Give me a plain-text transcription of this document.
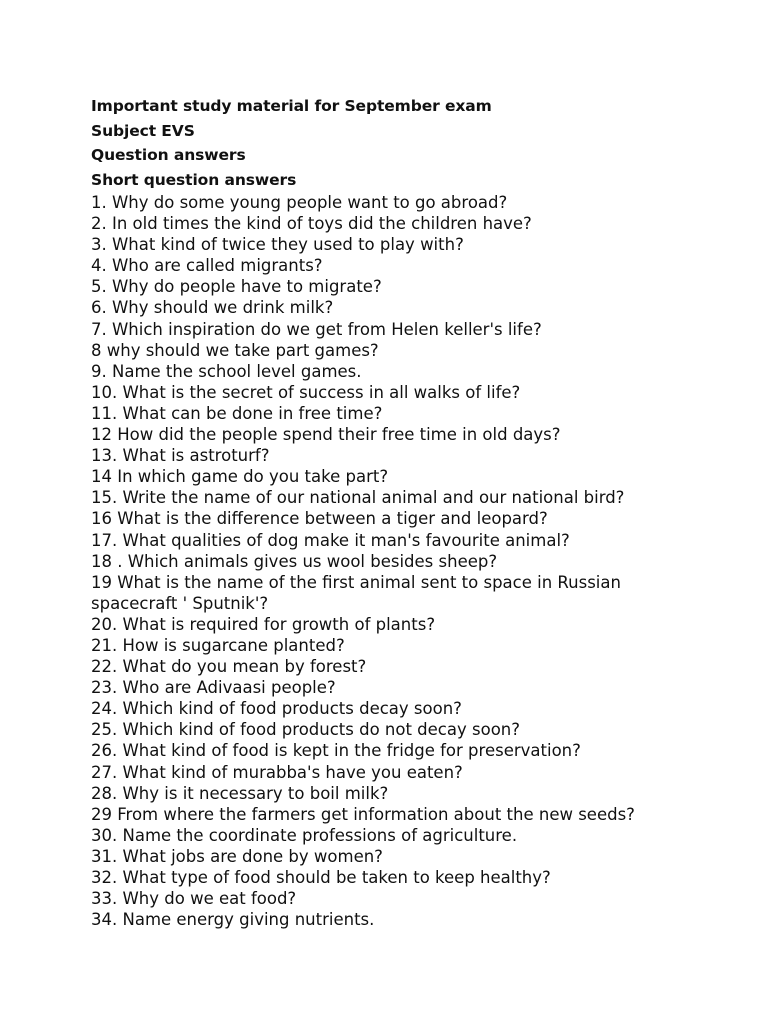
Important study material for September exam
Subject EVS
Question answers
Short question answers
1. Why do some young people want to go abroad?
2. In old times the kind of toys did the children have?
3. What kind of twice they used to play with?
4. Who are called migrants?
5. Why do people have to migrate?
6. Why should we drink milk?
7. Which inspiration do we get from Helen keller's life?
8 why should we take part games?
9. Name the school level games.
10. What is the secret of success in all walks of life?
11. What can be done in free time?
12 How did the people spend their free time in old days?
13. What is astroturf?
14 In which game do you take part?
15. Write the name of our national animal and our national bird?
16 What is the difference between a tiger and leopard?
17. What qualities of dog make it man's favourite animal?
18 . Which animals gives us wool besides sheep?
19 What is the name of the first animal sent to space in Russian spacecraft ' Sputnik'?
20. What is required for growth of plants?
21. How is sugarcane planted?
22. What do you mean by forest?
23. Who are Adivaasi people?
24. Which kind of food products decay soon?
25. Which kind of food products do not decay soon?
26. What kind of food is kept in the fridge for preservation?
27. What kind of murabba's have you eaten?
28. Why is it necessary to boil milk?
29 From where the farmers get information about the new seeds?
30. Name the coordinate professions of agriculture.
31. What jobs are done by women?
32. What type of food should be taken to keep healthy?
33. Why do we eat food?
34. Name energy giving nutrients.
